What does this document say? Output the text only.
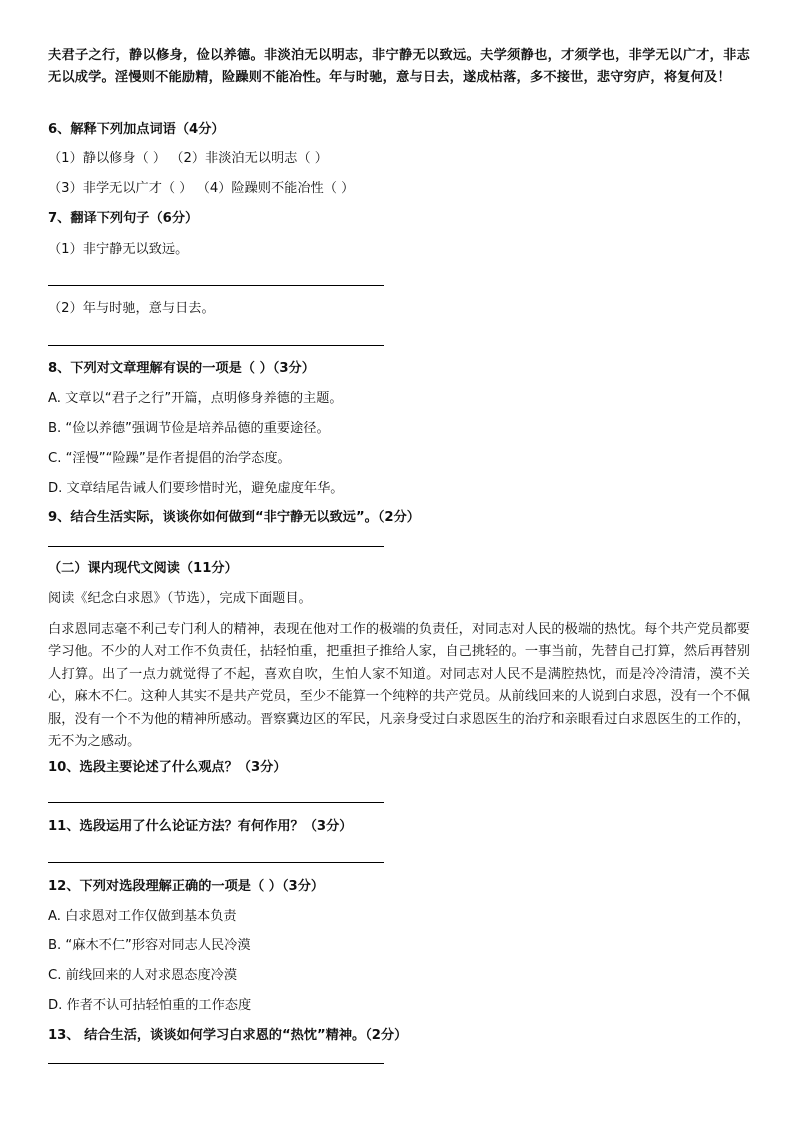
夫君子之行，静以修身，俭以养德。非淡泊无以明志，非宁静无以致远。夫学须静也，才须学也，非学无以广才，非志无以成学。淫慢则不能励精，险躁则不能冶性。年与时驰，意与日去，遂成枯落，多不接世，悲守穷庐，将复何及！
6、解释下列加点词语（4分）
（1）静以修身（ ） （2）非淡泊无以明志（ ）
（3）非学无以广才（ ） （4）险躁则不能冶性（ ）
7、翻译下列句子（6分）
（1）非宁静无以致远。
（2）年与时驰，意与日去。
8、下列对文章理解有误的一项是（ ）（3分）
A. 文章以“君子之行”开篇，点明修身养德的主题。
B. “俭以养德”强调节俭是培养品德的重要途径。
C. “淫慢”“险躁”是作者提倡的治学态度。
D. 文章结尾告诫人们要珍惜时光，避免虚度年华。
9、结合生活实际，谈谈你如何做到“非宁静无以致远”。（2分）
（二）课内现代文阅读（11分）
阅读《纪念白求恩》（节选），完成下面题目。
白求恩同志毫不利己专门利人的精神，表现在他对工作的极端的负责任，对同志对人民的极端的热忱。每个共产党员都要学习他。不少的人对工作不负责任，拈轻怕重，把重担子推给人家，自己挑轻的。一事当前，先替自己打算，然后再替别人打算。出了一点力就觉得了不起，喜欢自吹，生怕人家不知道。对同志对人民不是满腔热忱，而是冷冷清清，漠不关心，麻木不仁。这种人其实不是共产党员，至少不能算一个纯粹的共产党员。从前线回来的人说到白求恩，没有一个不佩服，没有一个不为他的精神所感动。晋察冀边区的军民，凡亲身受过白求恩医生的治疗和亲眼看过白求恩医生的工作的，无不为之感动。
10、选段主要论述了什么观点？（3分）
11、选段运用了什么论证方法？有何作用？（3分）
12、下列对选段理解正确的一项是（ ）（3分）
A. 白求恩对工作仅做到基本负责
B. “麻木不仁”形容对同志人民冷漠
C. 前线回来的人对求恩态度冷漠
D. 作者不认可拈轻怕重的工作态度
13、 结合生活，谈谈如何学习白求恩的“热忱”精神。（2分）
